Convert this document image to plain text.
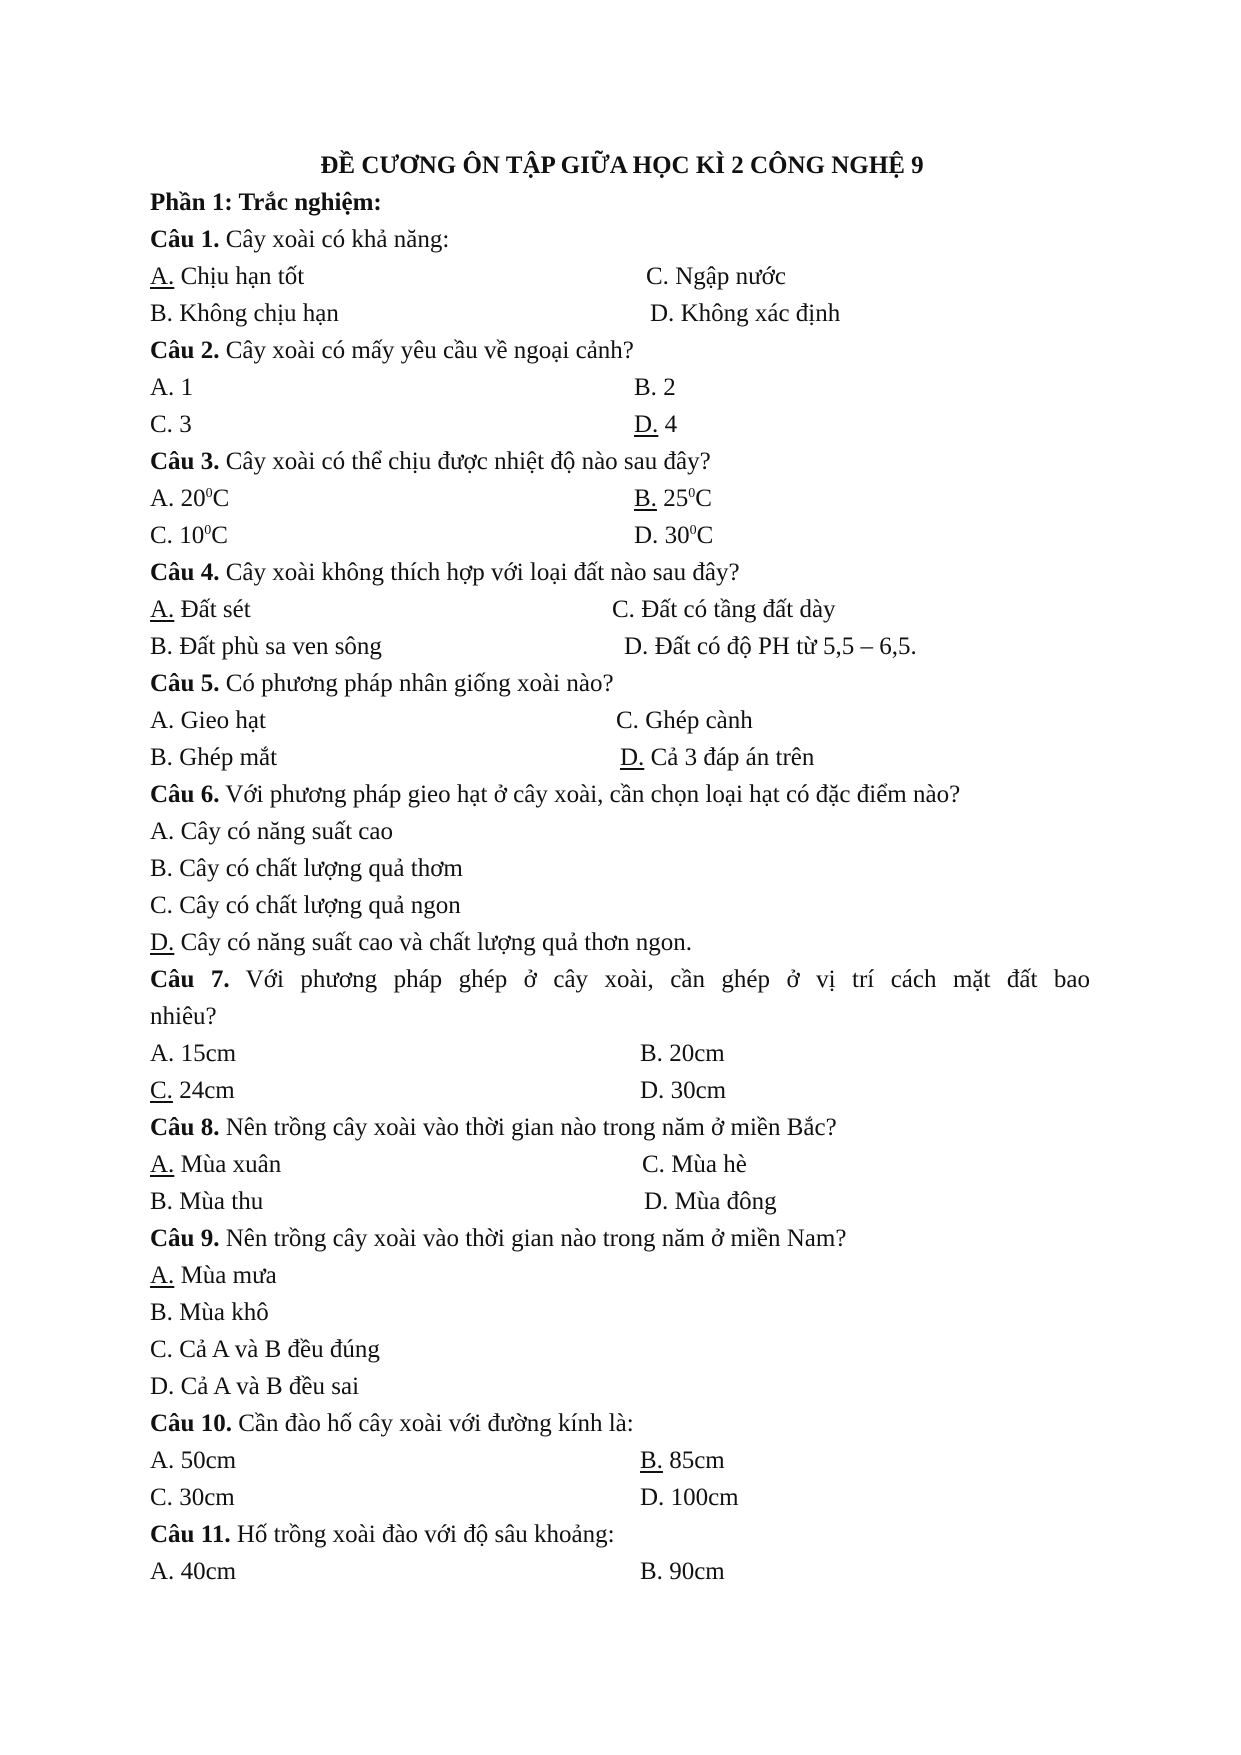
ĐỀ CƯƠNG ÔN TẬP GIỮA HỌC KÌ 2 CÔNG NGHỆ 9
Phần 1: Trắc nghiệm:
Câu 1. Cây xoài có khả năng:
A. Chịu hạn tốt	C. Ngập nước
B. Không chịu hạn	D. Không xác định
Câu 2. Cây xoài có mấy yêu cầu về ngoại cảnh?
A. 1	B. 2
C. 3	D. 4
Câu 3. Cây xoài có thể chịu được nhiệt độ nào sau đây?
A. $20^0C$	B. $25^0C$
C. $10^0C$	D. $30^0C$
Câu 4. Cây xoài không thích hợp với loại đất nào sau đây?
A. Đất sét	C. Đất có tầng đất dày
B. Đất phù sa ven sông	D. Đất có độ PH từ 5,5 – 6,5.
Câu 5. Có phương pháp nhân giống xoài nào?
A. Gieo hạt	C. Ghép cành
B. Ghép mắt	D. Cả 3 đáp án trên
Câu 6. Với phương pháp gieo hạt ở cây xoài, cần chọn loại hạt có đặc điểm nào?
A. Cây có năng suất cao
B. Cây có chất lượng quả thơm
C. Cây có chất lượng quả ngon
D. Cây có năng suất cao và chất lượng quả thơn ngon.
Câu 7. Với phương pháp ghép ở cây xoài, cần ghép ở vị trí cách mặt đất bao
nhiêu?
A. 15cm	B. 20cm
C. 24cm	D. 30cm
Câu 8. Nên trồng cây xoài vào thời gian nào trong năm ở miền Bắc?
A. Mùa xuân	C. Mùa hè
B. Mùa thu	D. Mùa đông
Câu 9. Nên trồng cây xoài vào thời gian nào trong năm ở miền Nam?
A. Mùa mưa
B. Mùa khô
C. Cả A và B đều đúng
D. Cả A và B đều sai
Câu 10. Cần đào hố cây xoài với đường kính là:
A. 50cm	B. 85cm
C. 30cm	D. 100cm
Câu 11. Hố trồng xoài đào với độ sâu khoảng:
A. 40cm	B. 90cm
